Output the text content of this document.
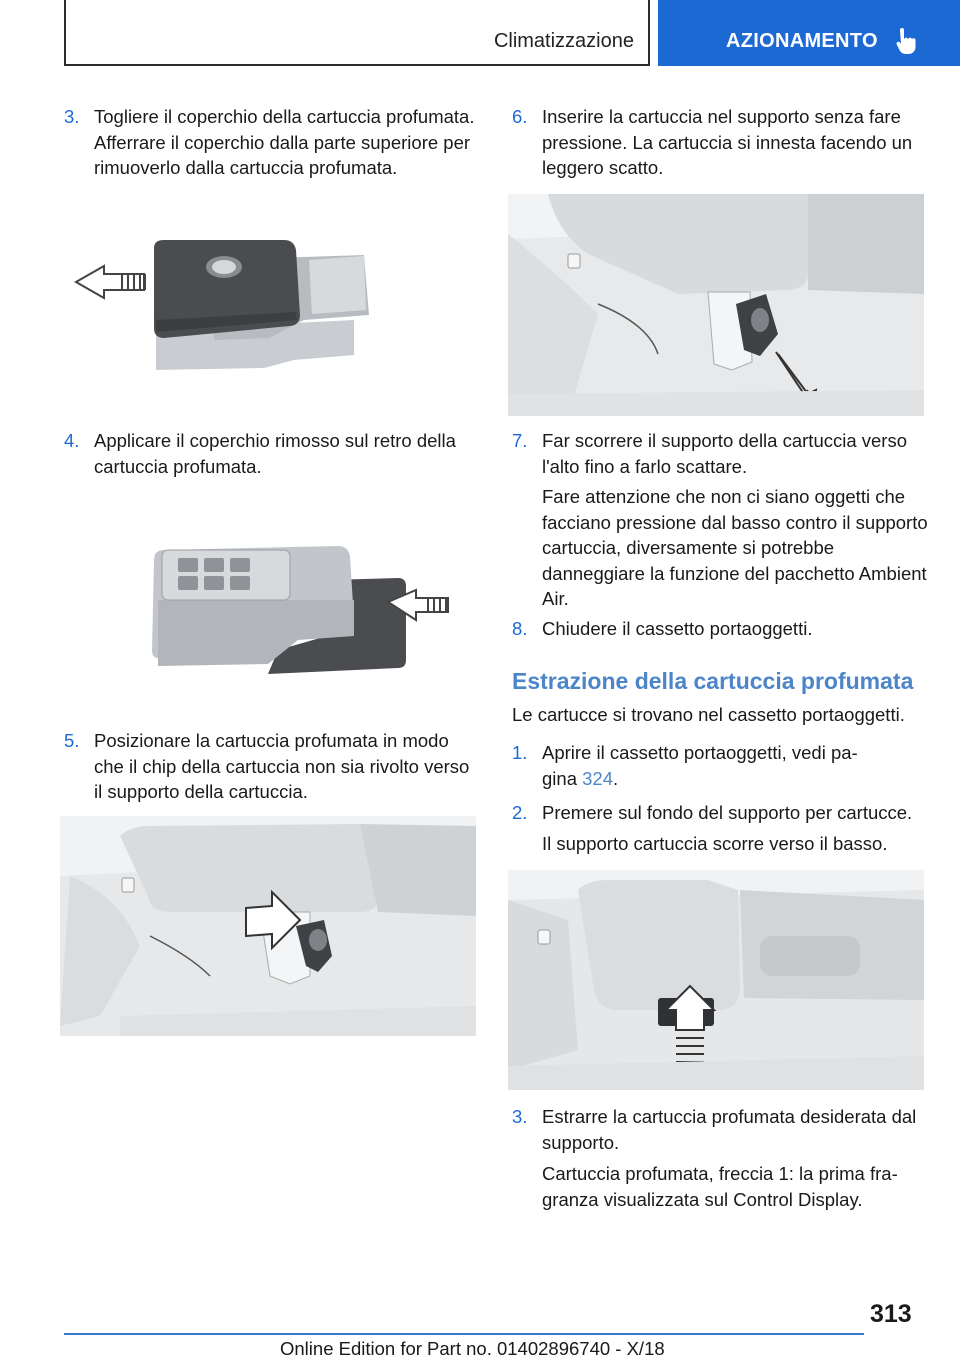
Climatizzazione	AZIONAMENTO
3. Togliere il coperchio della cartuccia profumata. Afferrare il coperchio dalla parte superiore per rimuoverlo dalla cartuccia profumata.
4. Applicare il coperchio rimosso sul retro della cartuccia profumata.
5. Posizionare la cartuccia profumata in modo che il chip della cartuccia non sia rivolto verso il supporto della cartuccia.
6. Inserire la cartuccia nel supporto senza fare pressione. La cartuccia si innesta facendo un leggero scatto.
7. Far scorrere il supporto della cartuccia verso l'alto fino a farlo scattare.
Fare attenzione che non ci siano oggetti che facciano pressione dal basso contro il supporto cartuccia, diversamente si potrebbe danneggiare la funzione del pacchetto Ambient Air.
8. Chiudere il cassetto portaoggetti.
Estrazione della cartuccia profumata
Le cartucce si trovano nel cassetto portaoggetti.
1. Aprire il cassetto portaoggetti, vedi pagina 324.
2. Premere sul fondo del supporto per cartucce.
Il supporto cartuccia scorre verso il basso.
3. Estrarre la cartuccia profumata desiderata dal supporto.
Cartuccia profumata, freccia 1: la prima fragranza visualizzata sul Control Display.
313
Online Edition for Part no. 01402896740 - X/18
